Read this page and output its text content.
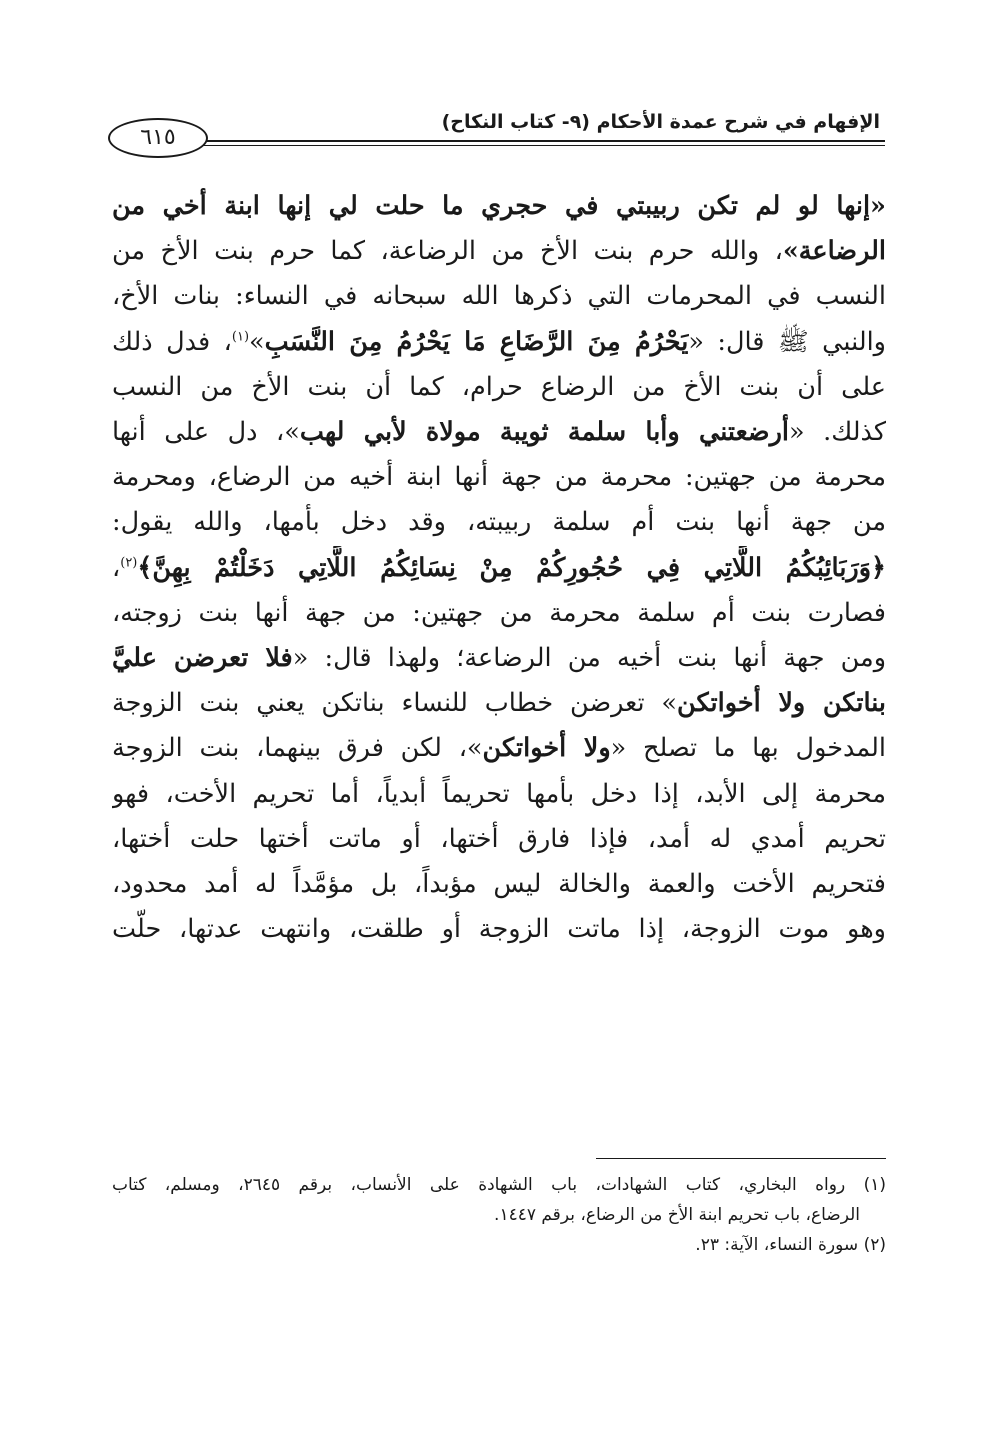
٦١٥
الإفهام في شرح عمدة الأحكام (٩- كتاب النكاح)
«إنها لو لم تكن ربيبتي في حجري ما حلت لي إنها ابنة أخي من
الرضاعة»، والله حرم بنت الأخ من الرضاعة، كما حرم بنت الأخ من
النسب في المحرمات التي ذكرها الله سبحانه في النساء: بنات الأخ،
والنبي ﷺ قال: «يَحْرُمُ مِنَ الرَّضَاعِ مَا يَحْرُمُ مِنَ النَّسَبِ»$^{(١)}$، فدل ذلك
على أن بنت الأخ من الرضاع حرام، كما أن بنت الأخ من النسب
كذلك. «أرضعتني وأبا سلمة ثويبة مولاة لأبي لهب»، دل على أنها
محرمة من جهتين: محرمة من جهة أنها ابنة أخيه من الرضاع، ومحرمة
من جهة أنها بنت أم سلمة ربيبته، وقد دخل بأمها، والله يقول:
﴿وَرَبَائِبُكُمُ اللَّاتِي فِي حُجُورِكُمْ مِنْ نِسَائِكُمُ اللَّاتِي دَخَلْتُمْ بِهِنَّ﴾$^{(٢)}$،
فصارت بنت أم سلمة محرمة من جهتين: من جهة أنها بنت زوجته،
ومن جهة أنها بنت أخيه من الرضاعة؛ ولهذا قال: «فلا تعرضن عليَّ
بناتكن ولا أخواتكن» تعرضن خطاب للنساء بناتكن يعني بنت الزوجة
المدخول بها ما تصلح «ولا أخواتكن»، لكن فرق بينهما، بنت الزوجة
محرمة إلى الأبد، إذا دخل بأمها تحريماً أبدياً، أما تحريم الأخت، فهو
تحريم أمدي له أمد، فإذا فارق أختها، أو ماتت أختها حلت أختها،
فتحريم الأخت والعمة والخالة ليس مؤبداً، بل مؤمَّداً له أمد محدود،
وهو موت الزوجة، إذا ماتت الزوجة أو طلقت، وانتهت عدتها، حلّت
(١) رواه البخاري، كتاب الشهادات، باب الشهادة على الأنساب، برقم ٢٦٤٥، ومسلم، كتاب
الرضاع، باب تحريم ابنة الأخ من الرضاع، برقم ١٤٤٧.
(٢) سورة النساء، الآية: ٢٣.
